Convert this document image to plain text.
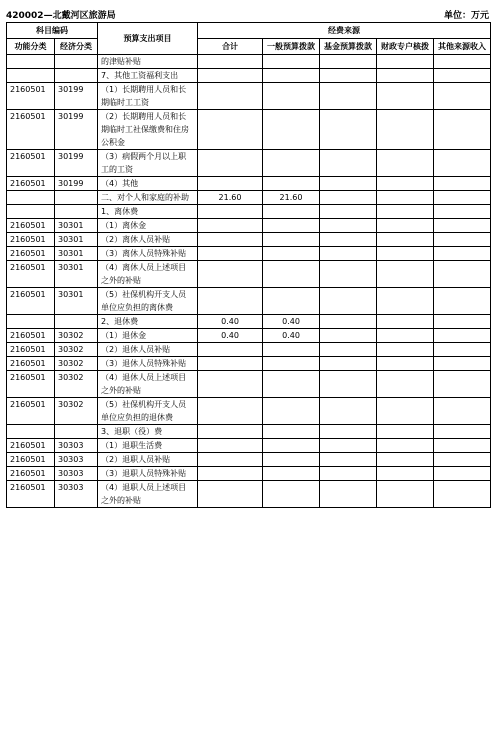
420002—北戴河区旅游局	单位：万元
科目编码		预算支出项目	经费来源				
功能分类	经济分类		合计	一般预算拨款	基金预算拨款	财政专户核拨	其他来源收入

		的津贴补贴					
		7、其他工资福利支出					
2160501	30199	（1）长期聘用人员和长期临时工工资					
2160501	30199	（2）长期聘用人员和长期临时工社保缴费和住房公积金					
2160501	30199	（3）病假两个月以上职工的工资					
2160501	30199	（4）其他					
		二、对个人和家庭的补助	21.60	21.60			
		1、离休费					
2160501	30301	（1）离休金					
2160501	30301	（2）离休人员补贴					
2160501	30301	（3）离休人员特殊补贴					
2160501	30301	（4）离休人员上述项目之外的补贴					
2160501	30301	（5）社保机构开支人员单位应负担的离休费					
		2、退休费	0.40	0.40			
2160501	30302	（1）退休金	0.40	0.40			
2160501	30302	（2）退休人员补贴					
2160501	30302	（3）退休人员特殊补贴					
2160501	30302	（4）退休人员上述项目之外的补贴					
2160501	30302	（5）社保机构开支人员单位应负担的退休费					
		3、退职（役）费					
2160501	30303	（1）退职生活费					
2160501	30303	（2）退职人员补贴					
2160501	30303	（3）退职人员特殊补贴					
2160501	30303	（4）退职人员上述项目之外的补贴					
